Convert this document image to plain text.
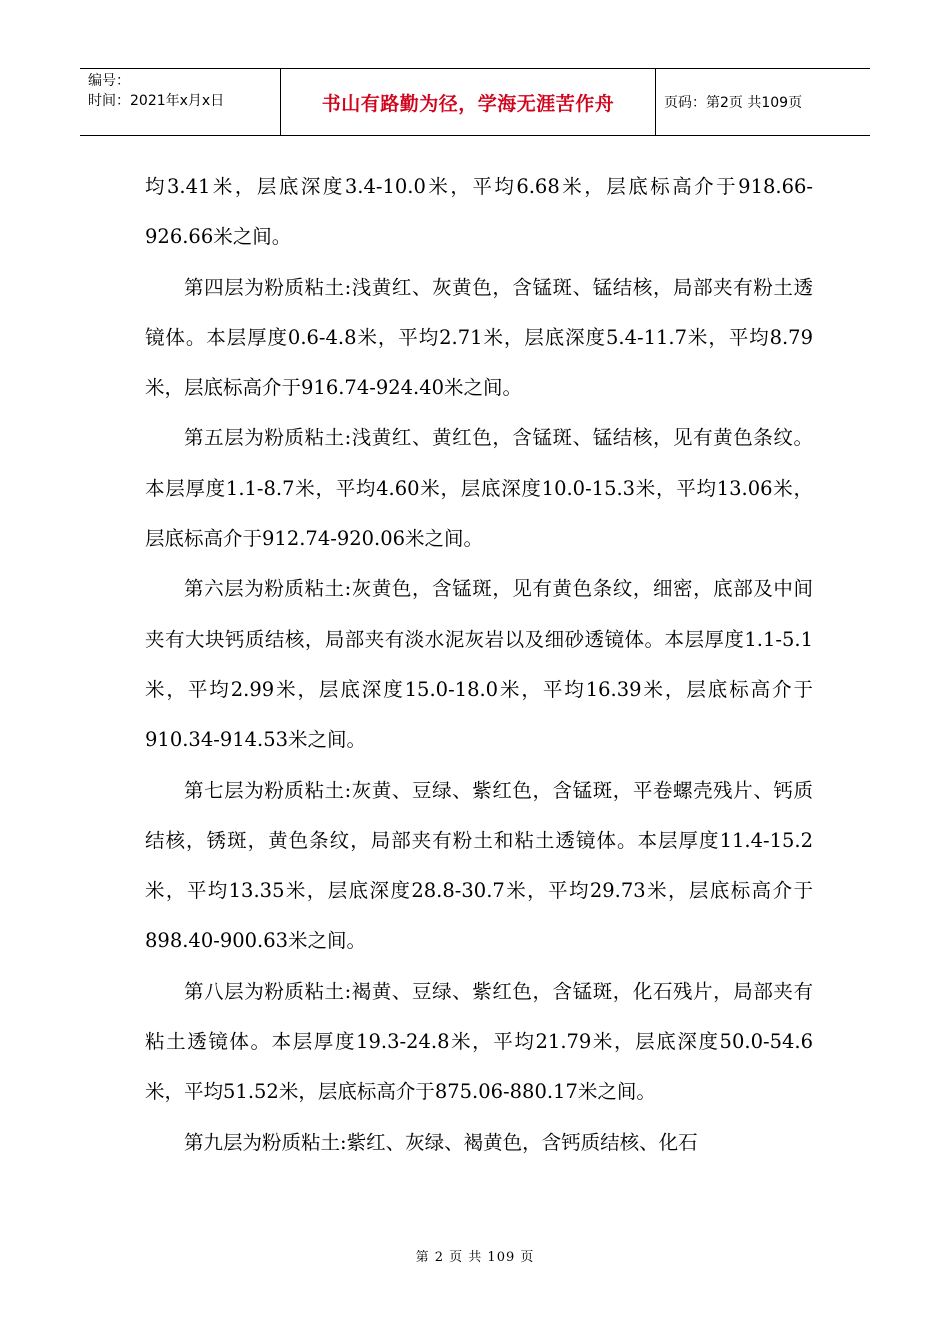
编号：
时间：2021年x月x日	书山有路勤为径，学海无涯苦作舟	页码：第2页 共109页

均3.41米，层底深度3.4-10.0米，平均6.68米，层底标高介于918.66-926.66米之间。

第四层为粉质粘土:浅黄红、灰黄色，含锰斑、锰结核，局部夹有粉土透镜体。本层厚度0.6-4.8米，平均2.71米，层底深度5.4-11.7米，平均8.79米，层底标高介于916.74-924.40米之间。

第五层为粉质粘土:浅黄红、黄红色，含锰斑、锰结核，见有黄色条纹。本层厚度1.1-8.7米，平均4.60米，层底深度10.0-15.3米，平均13.06米，层底标高介于912.74-920.06米之间。

第六层为粉质粘土:灰黄色，含锰斑，见有黄色条纹，细密，底部及中间夹有大块钙质结核，局部夹有淡水泥灰岩以及细砂透镜体。本层厚度1.1-5.1米，平均2.99米，层底深度15.0-18.0米，平均16.39米，层底标高介于910.34-914.53米之间。

第七层为粉质粘土:灰黄、豆绿、紫红色，含锰斑，平卷螺壳残片、钙质结核，锈斑，黄色条纹，局部夹有粉土和粘土透镜体。本层厚度11.4-15.2米，平均13.35米，层底深度28.8-30.7米，平均29.73米，层底标高介于898.40-900.63米之间。

第八层为粉质粘土:褐黄、豆绿、紫红色，含锰斑，化石残片，局部夹有粘土透镜体。本层厚度19.3-24.8米，平均21.79米，层底深度50.0-54.6米，平均51.52米，层底标高介于875.06-880.17米之间。

第九层为粉质粘土:紫红、灰绿、褐黄色，含钙质结核、化石

第 2 页 共 109 页
